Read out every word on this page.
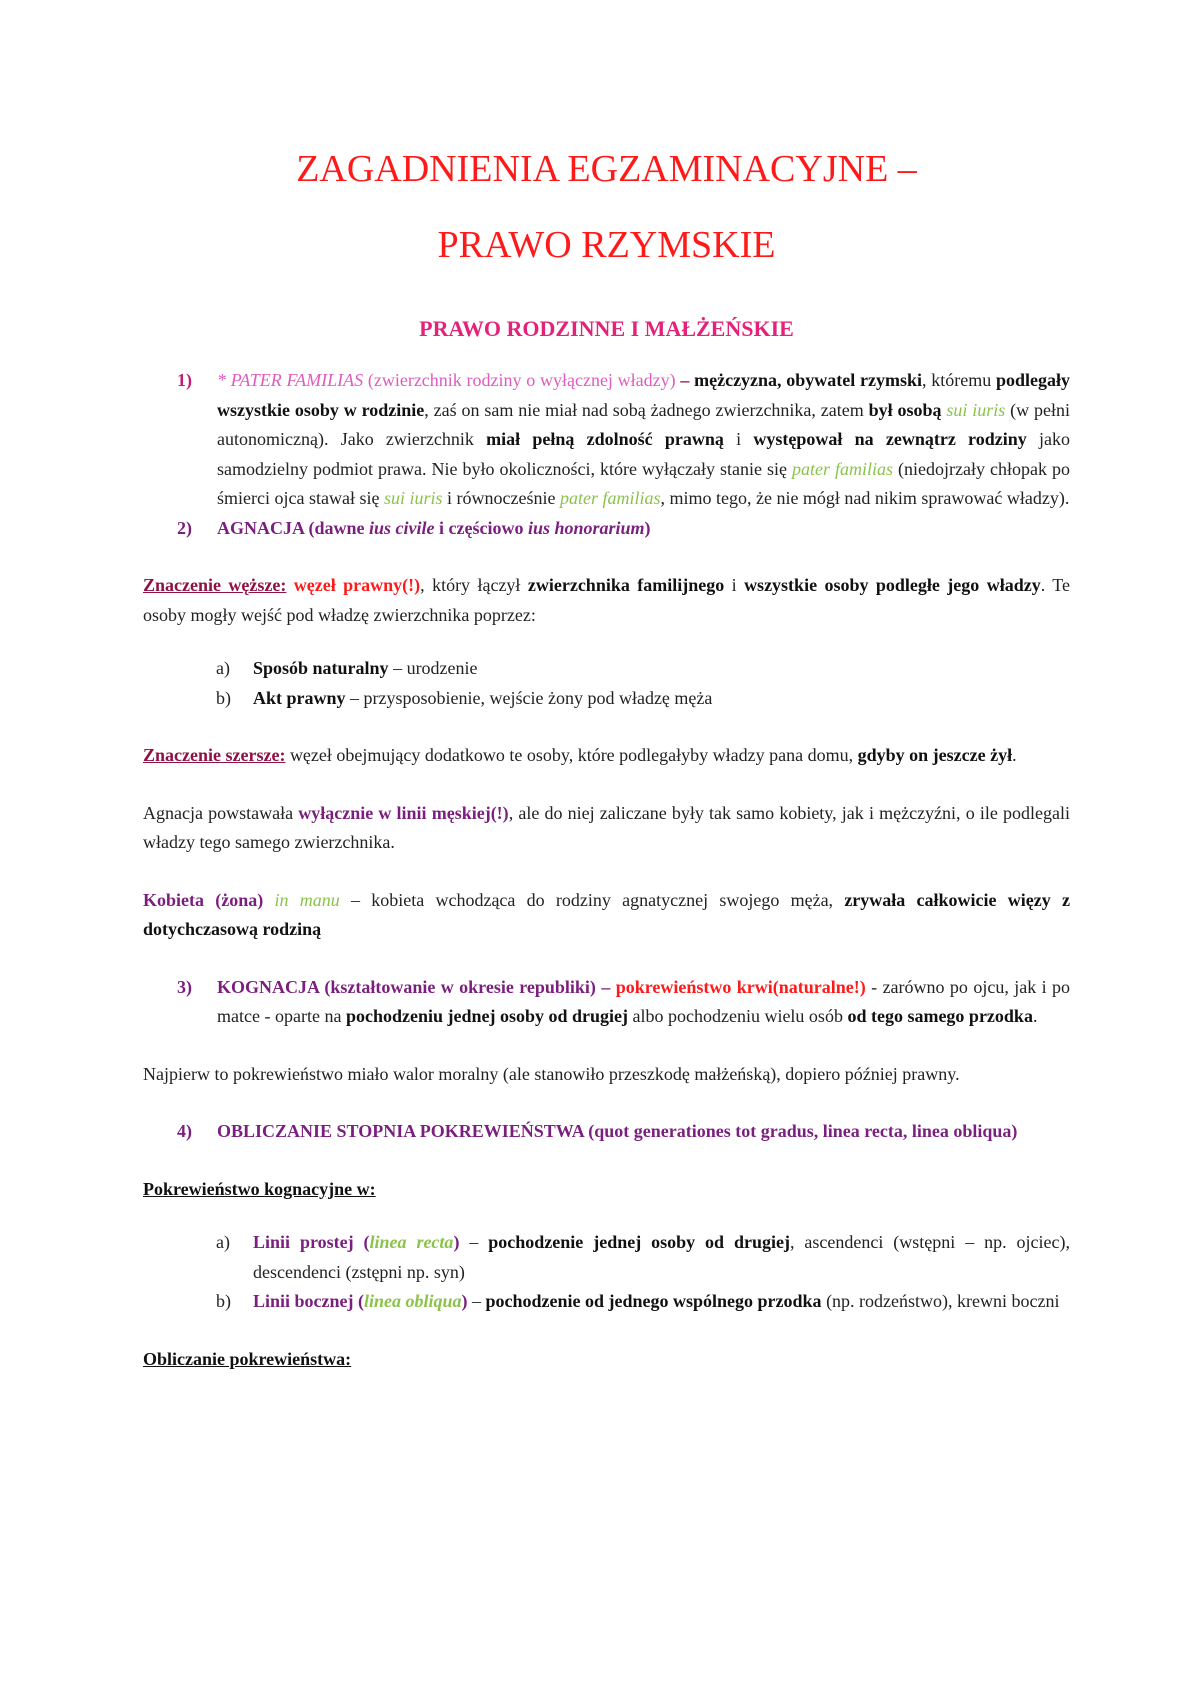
ZAGADNIENIA EGZAMINACYJNE –
PRAWO RZYMSKIE
PRAWO RODZINNE I MAŁŻEŃSKIE
1) * PATER FAMILIAS (zwierzchnik rodziny o wyłącznej władzy) – mężczyzna, obywatel rzymski, któremu podlegały wszystkie osoby w rodzinie, zaś on sam nie miał nad sobą żadnego zwierzchnika, zatem był osobą sui iuris (w pełni autonomiczną). Jako zwierzchnik miał pełną zdolność prawną i występował na zewnątrz rodziny jako samodzielny podmiot prawa. Nie było okoliczności, które wyłączały stanie się pater familias (niedojrzały chłopak po śmierci ojca stawał się sui iuris i równocześnie pater familias, mimo tego, że nie mógł nad nikim sprawować władzy).
2) AGNACJA (dawne ius civile i częściowo ius honorarium)

Znaczenie węższe: węzeł prawny(!), który łączył zwierzchnika familijnego i wszystkie osoby podległe jego władzy. Te osoby mogły wejść pod władzę zwierzchnika poprzez:

a) Sposób naturalny – urodzenie
b) Akt prawny – przysposobienie, wejście żony pod władzę męża

Znaczenie szersze: węzeł obejmujący dodatkowo te osoby, które podlegałyby władzy pana domu, gdyby on jeszcze żył.

Agnacja powstawała wyłącznie w linii męskiej(!), ale do niej zaliczane były tak samo kobiety, jak i mężczyźni, o ile podlegali władzy tego samego zwierzchnika.

Kobieta (żona) in manu – kobieta wchodząca do rodziny agnatycznej swojego męża, zrywała całkowicie więzy z dotychczasową rodziną

3) KOGNACJA (kształtowanie w okresie republiki) – pokrewieństwo krwi(naturalne!) - zarówno po ojcu, jak i po matce - oparte na pochodzeniu jednej osoby od drugiej albo pochodzeniu wielu osób od tego samego przodka.

Najpierw to pokrewieństwo miało walor moralny (ale stanowiło przeszkodę małżeńską), dopiero później prawny.

4) OBLICZANIE STOPNIA POKREWIEŃSTWA (quot generationes tot gradus, linea recta, linea obliqua)

Pokrewieństwo kognacyjne w:

a) Linii prostej (linea recta) – pochodzenie jednej osoby od drugiej, ascendenci (wstępni – np. ojciec), descendenci (zstępni np. syn)
b) Linii bocznej (linea obliqua) – pochodzenie od jednego wspólnego przodka (np. rodzeństwo), krewni boczni

Obliczanie pokrewieństwa:
